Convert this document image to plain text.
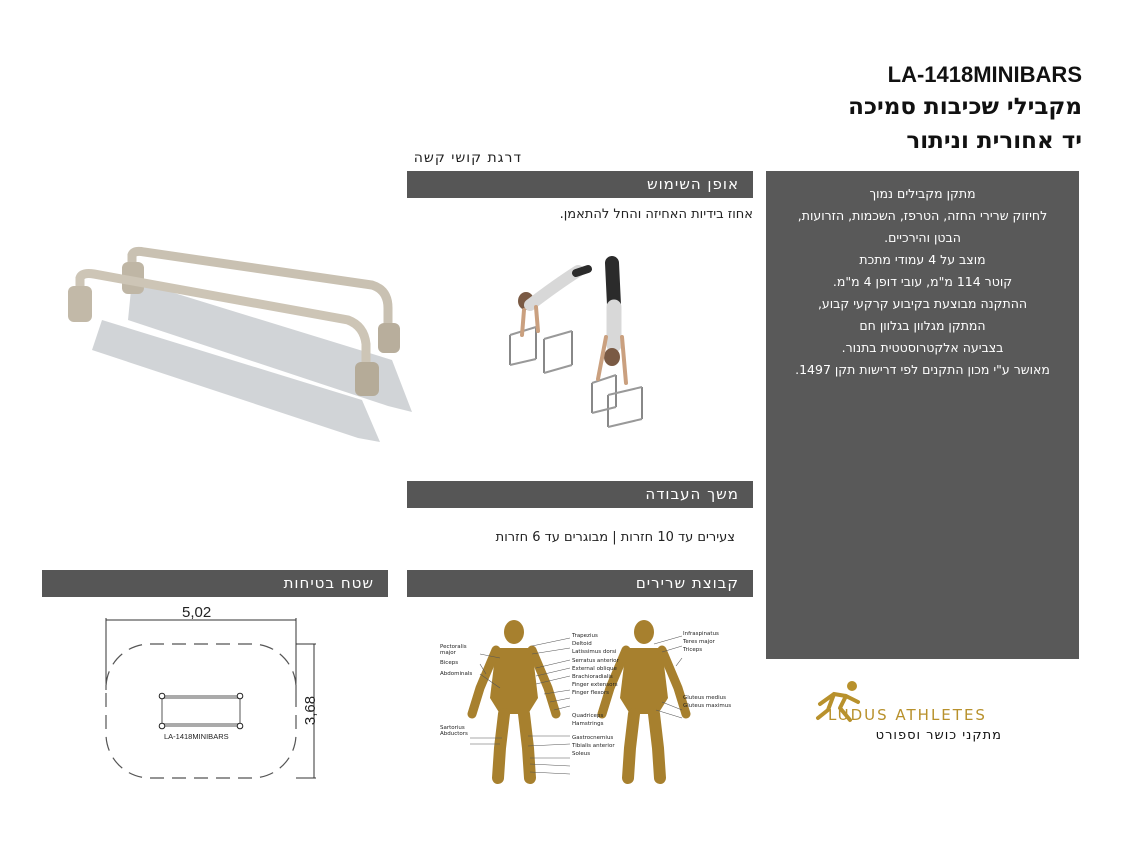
LA-1418MINIBARS
מקבילי שכיבות סמיכה
יד אחורית וניתור
דרגת קושי קשה
אופן השימוש
אחוז בידיות האחיזה והחל להתאמן.
משך העבודה
צעירים עד 10 חזרות | מבוגרים עד 6 חזרות
קבוצת שרירים
Pectoralis major
Biceps
Abdominals
Sartorius
Abductors
Trapezius
Deltoid
Latissimus dorsi
Serratus anterior
External oblique
Brachioradialis
Finger extensors
Finger flexors
Quadriceps
Hamstrings
Gastrocnemius
Tibialis anterior
Soleus
Infraspinatus
Teres major
Triceps
Gluteus medius
Gluteus maximus
שטח בטיחות
5,02
3,68
LA-1418MINIBARS
מתקן מקבילים נמוך
לחיזוק שרירי החזה, הטרפז, השכמות, הזרועות,
הבטן והירכיים.
מוצב על 4 עמודי מתכת
קוטר 114 מ"מ, עובי דופן 4 מ"מ.
ההתקנה מבוצעת בקיבוע קרקעי קבוע,
המתקן מגלוון בגלוון חם
בצביעה אלקטרוסטטית בתנור.
מאושר ע"י מכון התקנים לפי דרישות תקן 1497.
LUDUS ATHLETES
מתקני כושר וספורט
